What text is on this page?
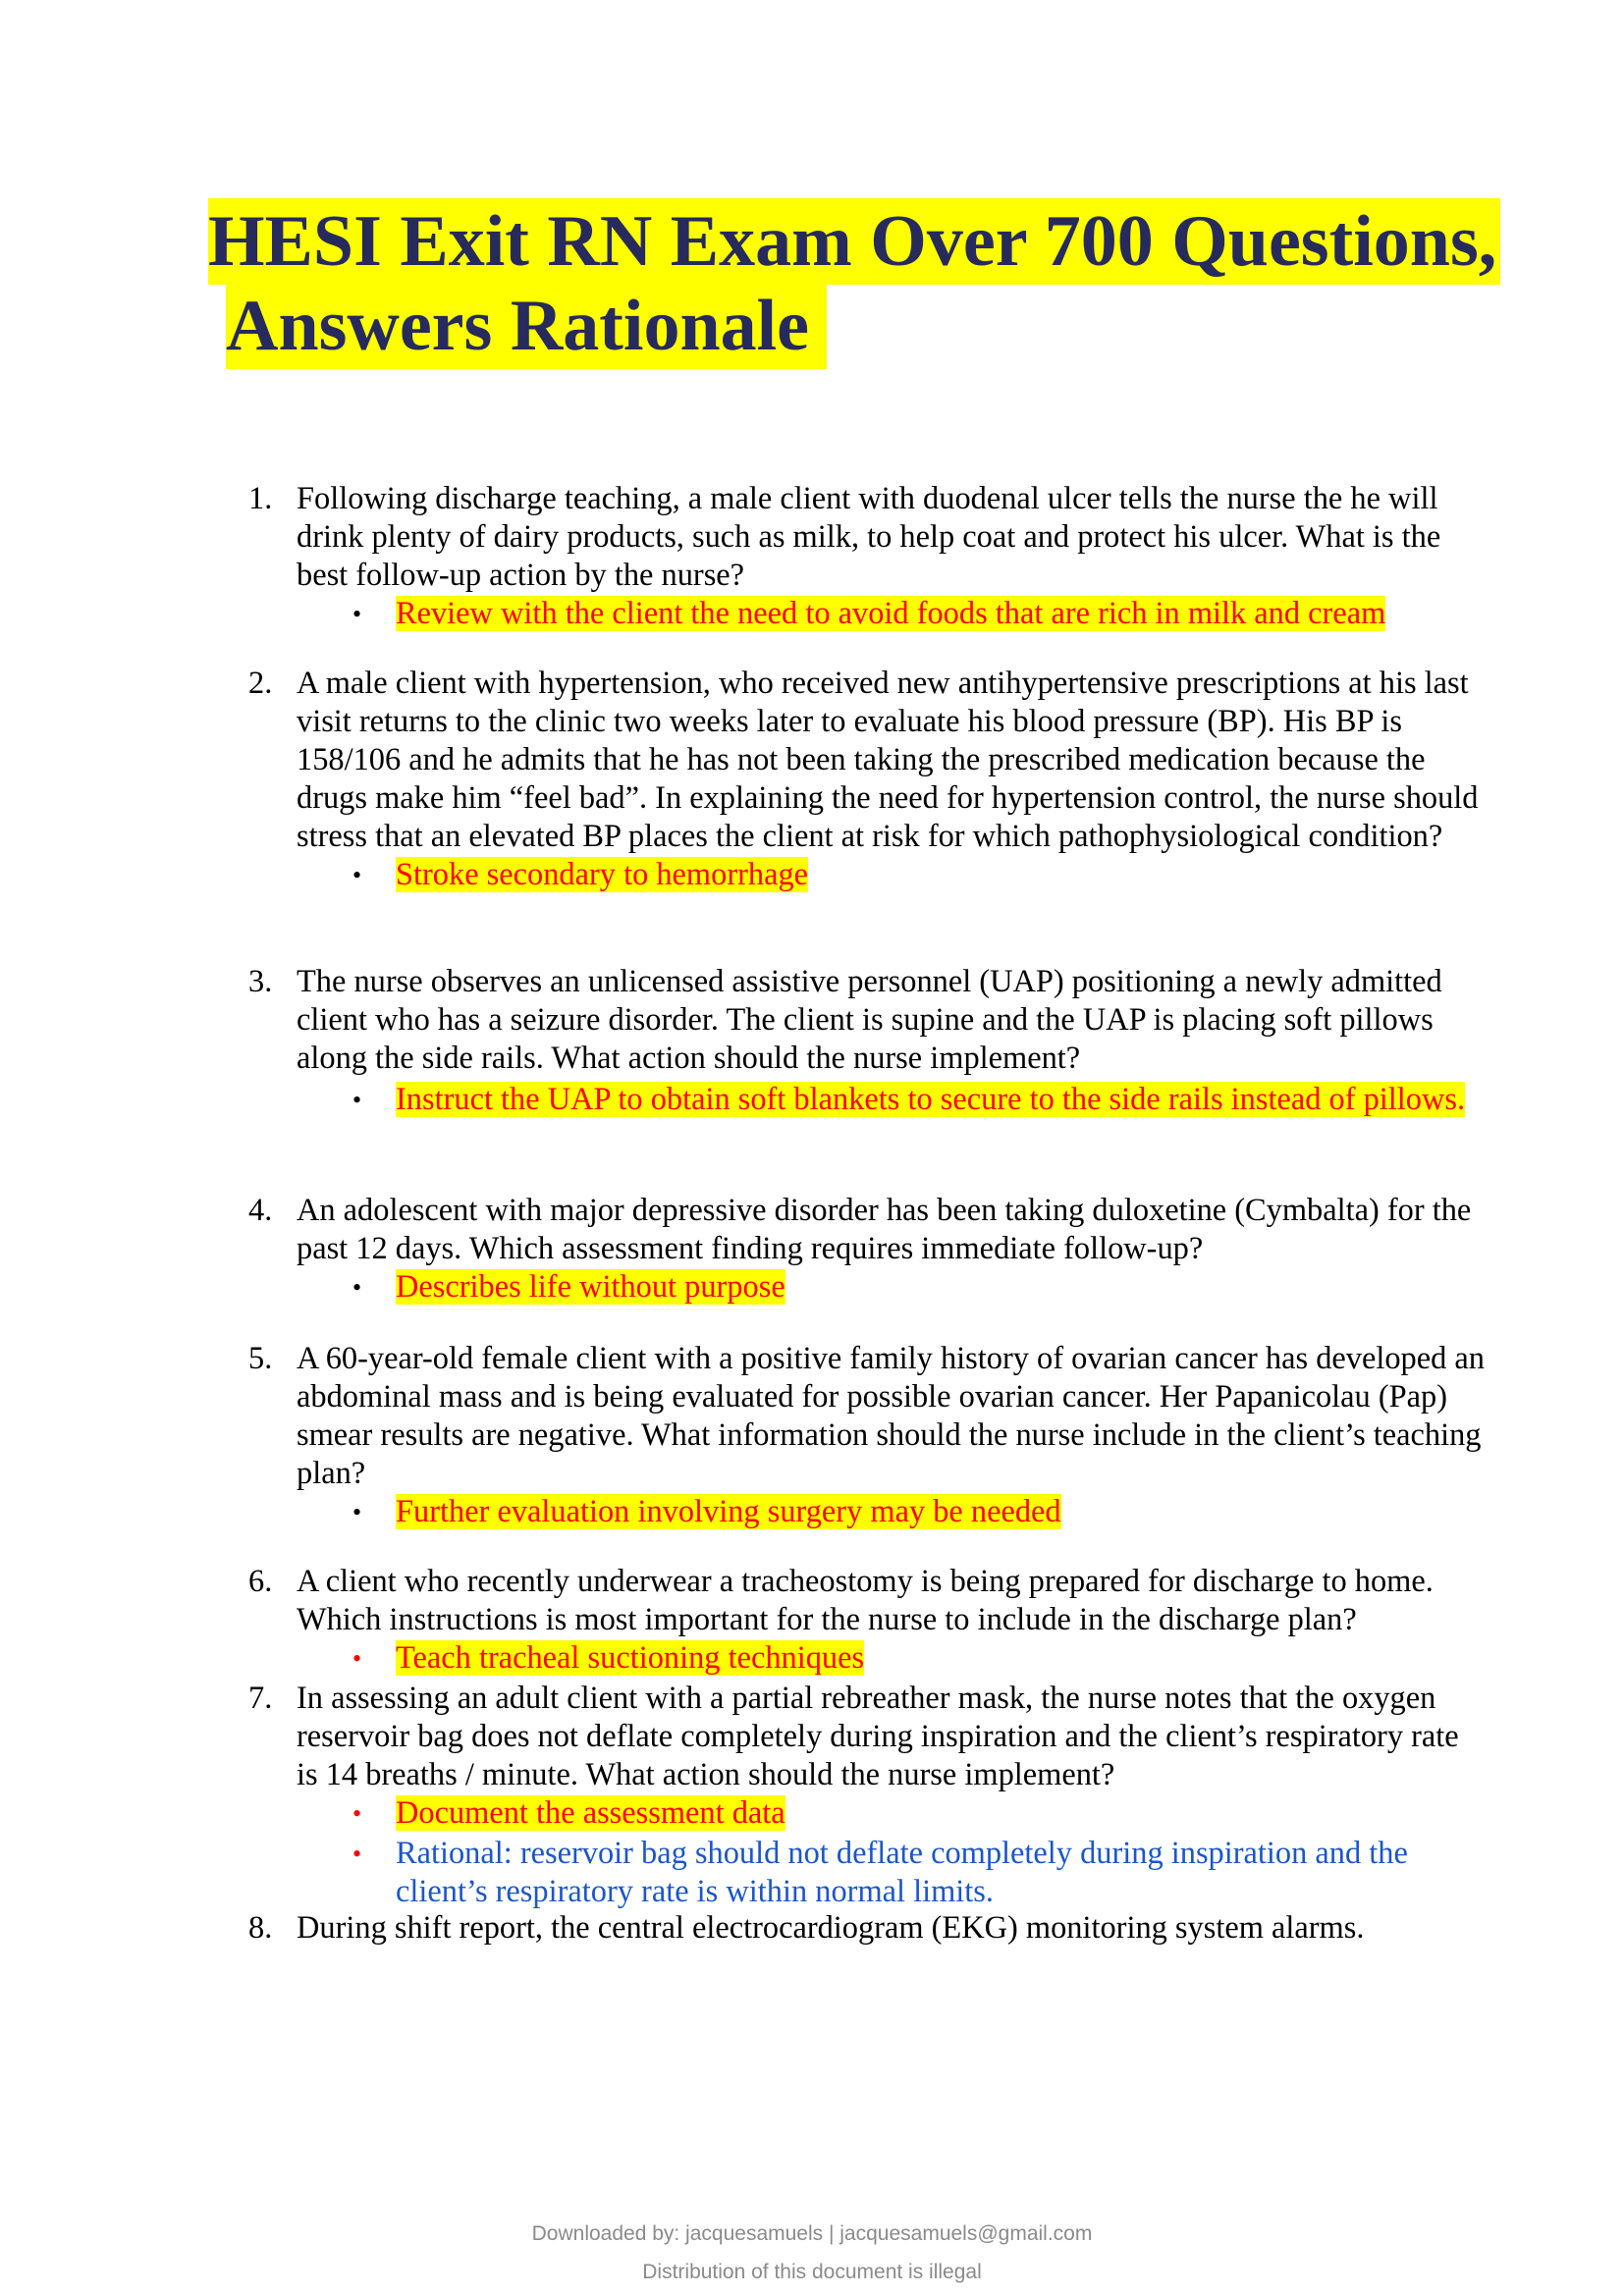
HESI Exit RN Exam Over 700 Questions,
Answers Rationale
1. Following discharge teaching, a male client with duodenal ulcer tells the nurse the he will drink plenty of dairy products, such as milk, to help coat and protect his ulcer. What is the best follow-up action by the nurse?
• Review with the client the need to avoid foods that are rich in milk and cream
2. A male client with hypertension, who received new antihypertensive prescriptions at his last visit returns to the clinic two weeks later to evaluate his blood pressure (BP). His BP is 158/106 and he admits that he has not been taking the prescribed medication because the drugs make him “feel bad”. In explaining the need for hypertension control, the nurse should stress that an elevated BP places the client at risk for which pathophysiological condition?
• Stroke secondary to hemorrhage
3. The nurse observes an unlicensed assistive personnel (UAP) positioning a newly admitted client who has a seizure disorder. The client is supine and the UAP is placing soft pillows along the side rails. What action should the nurse implement?
• Instruct the UAP to obtain soft blankets to secure to the side rails instead of pillows.
4. An adolescent with major depressive disorder has been taking duloxetine (Cymbalta) for the past 12 days. Which assessment finding requires immediate follow-up?
• Describes life without purpose
5. A 60-year-old female client with a positive family history of ovarian cancer has developed an abdominal mass and is being evaluated for possible ovarian cancer. Her Papanicolau (Pap) smear results are negative. What information should the nurse include in the client’s teaching plan?
• Further evaluation involving surgery may be needed
6. A client who recently underwear a tracheostomy is being prepared for discharge to home. Which instructions is most important for the nurse to include in the discharge plan?
• Teach tracheal suctioning techniques
7. In assessing an adult client with a partial rebreather mask, the nurse notes that the oxygen reservoir bag does not deflate completely during inspiration and the client’s respiratory rate is 14 breaths / minute. What action should the nurse implement?
• Document the assessment data
• Rational: reservoir bag should not deflate completely during inspiration and the client’s respiratory rate is within normal limits.
8. During shift report, the central electrocardiogram (EKG) monitoring system alarms.
Downloaded by: jacquesamuels | jacquesamuels@gmail.com
Distribution of this document is illegal
